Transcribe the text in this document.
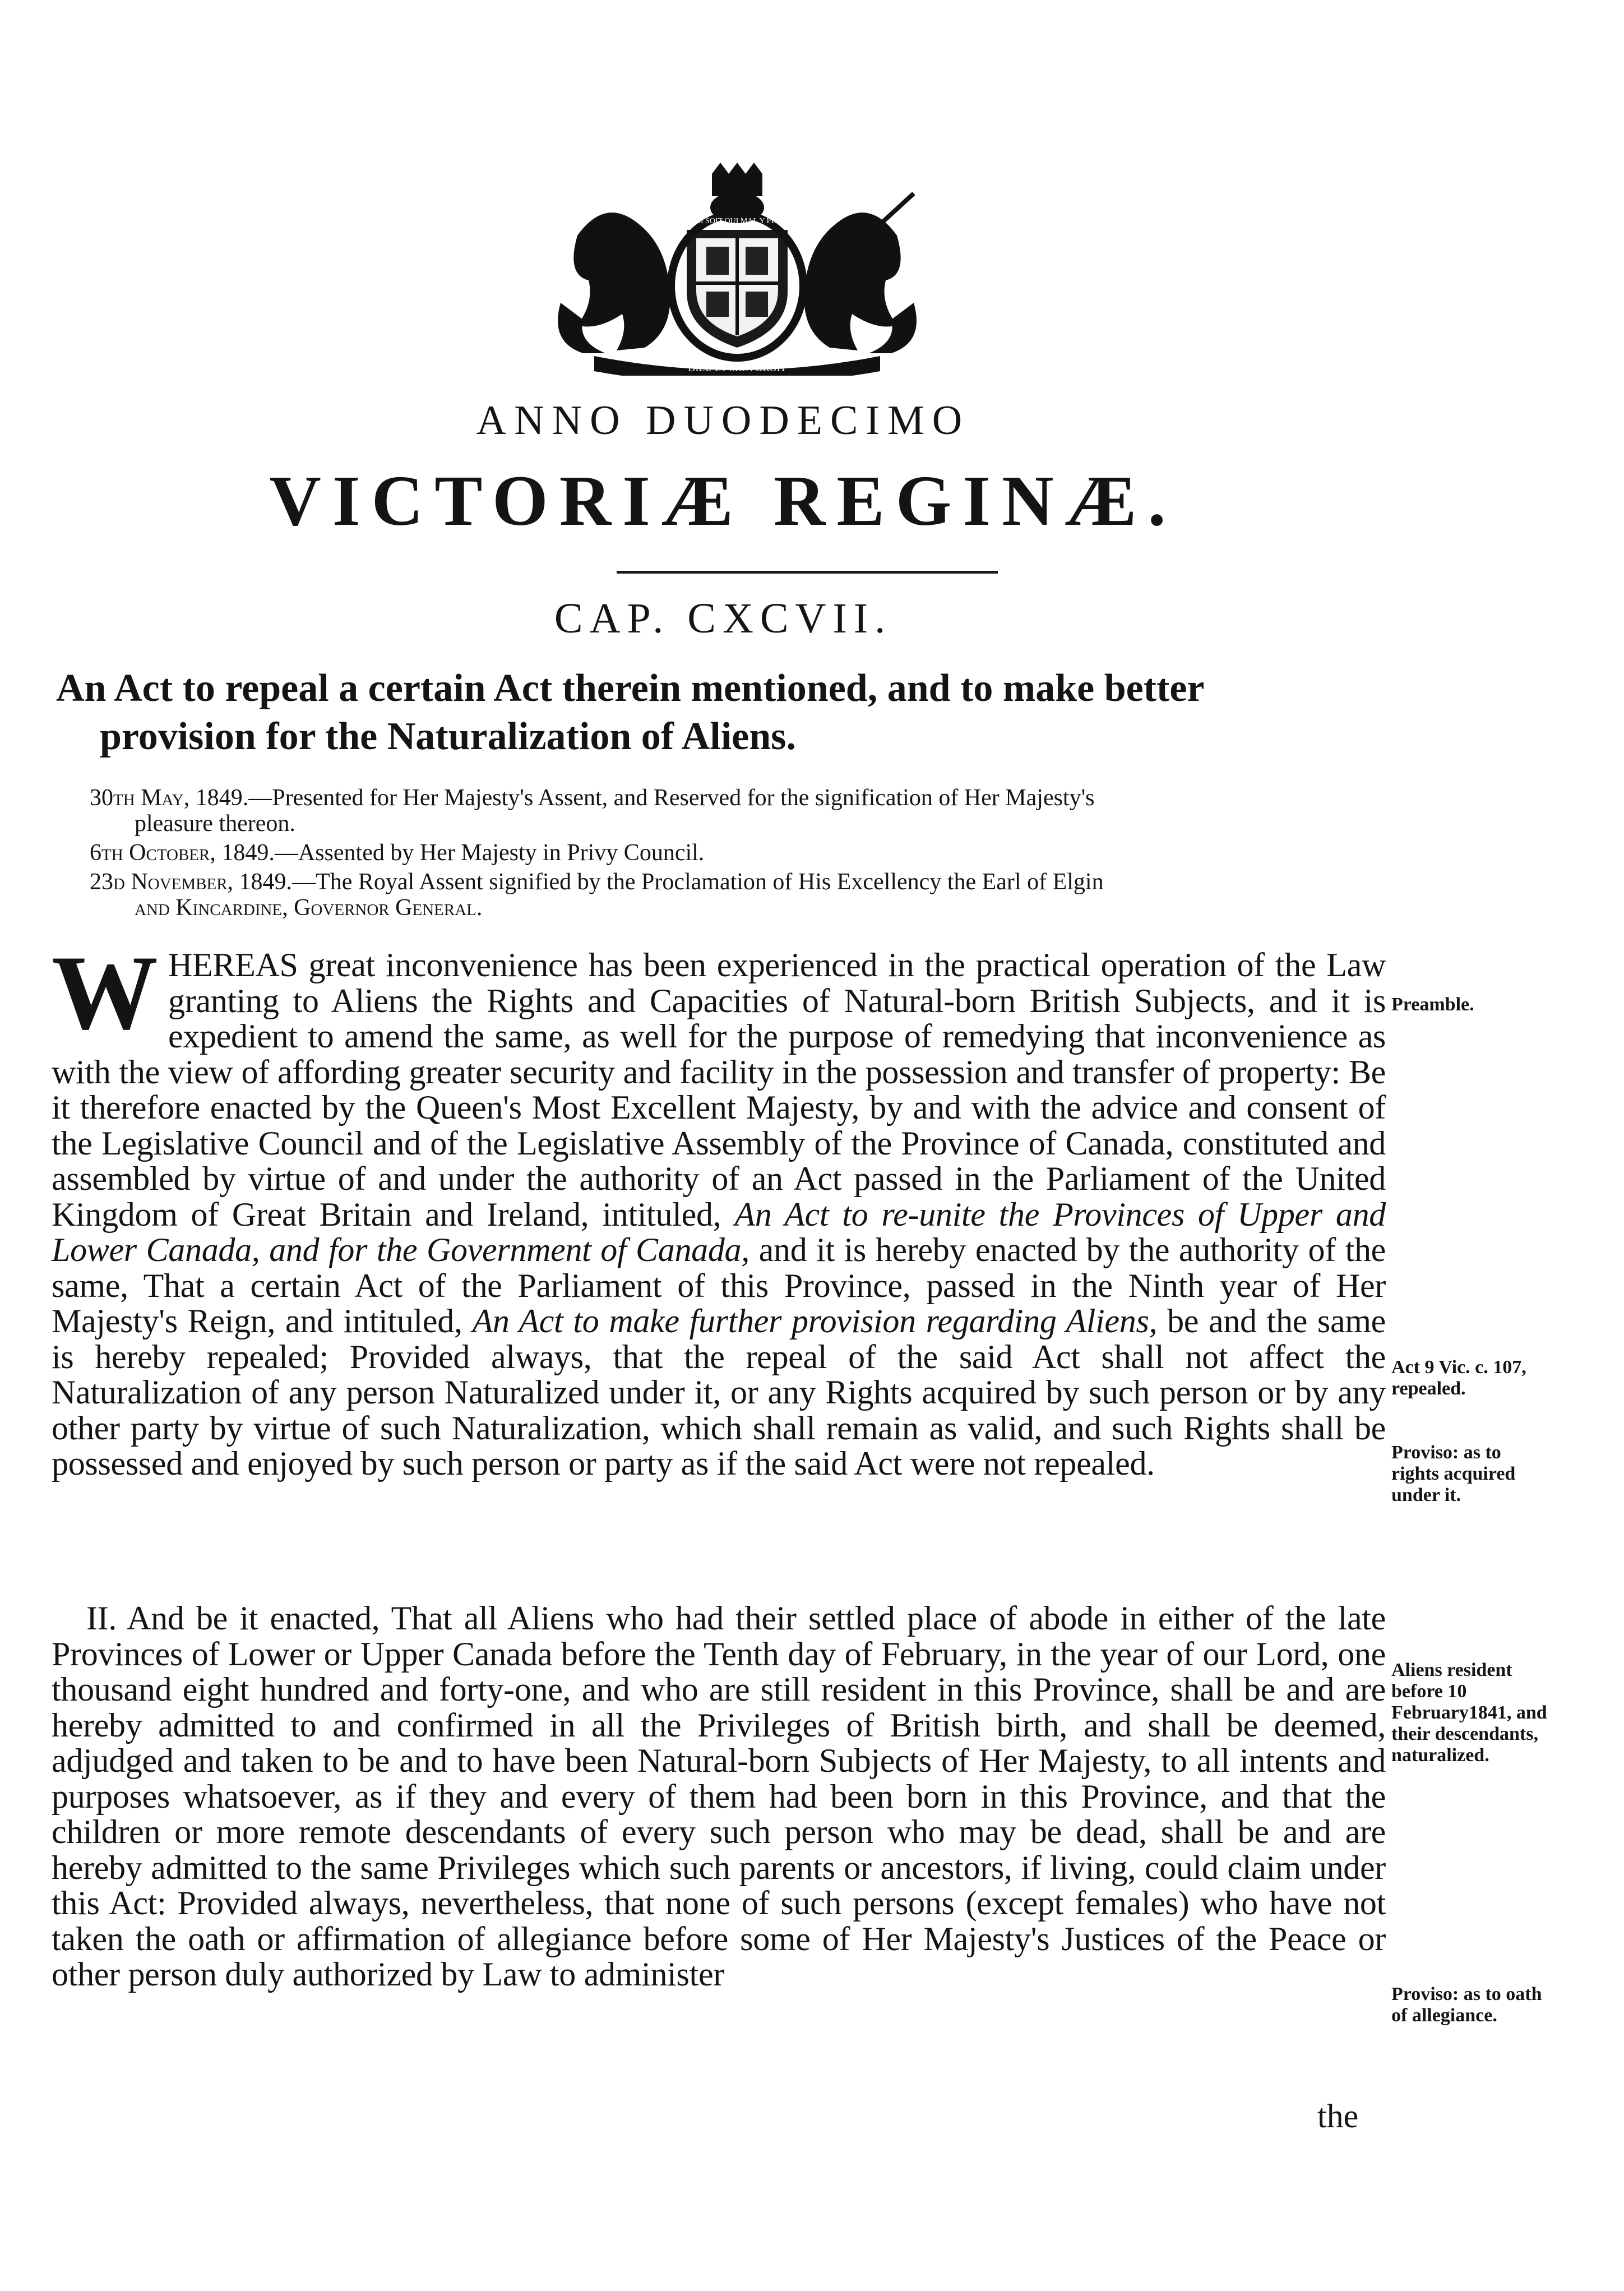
HONI SOIT QUI MAL Y PENSE
DIEU ET MON DROIT
ANNO DUODECIMO
VICTORIÆ REGINÆ.
CAP. CXCVII.
An Act to repeal a certain Act therein mentioned, and to make better
provision for the Naturalization of Aliens.
30th May, 1849.—Presented for Her Majesty's Assent, and Reserved for the signification of Her Majesty's
pleasure thereon.
6th October, 1849.—Assented by Her Majesty in Privy Council.
23d November, 1849.—The Royal Assent signified by the Proclamation of His Excellency the Earl of Elgin
and Kincardine, Governor General.
WHEREAS great inconvenience has been experienced in the practical operation of the Law granting to Aliens the Rights and Capacities of Natural-born British Subjects, and it is expedient to amend the same, as well for the purpose of remedying that inconvenience as with the view of affording greater security and facility in the possession and transfer of property: Be it therefore enacted by the Queen's Most Excellent Majesty, by and with the advice and consent of the Legislative Council and of the Legislative Assembly of the Province of Canada, constituted and assembled by virtue of and under the authority of an Act passed in the Parliament of the United Kingdom of Great Britain and Ireland, intituled, An Act to re-unite the Provinces of Upper and Lower Canada, and for the Government of Canada, and it is hereby enacted by the authority of the same, That a certain Act of the Parliament of this Province, passed in the Ninth year of Her Majesty's Reign, and intituled, An Act to make further provision regarding Aliens, be and the same is hereby repealed; Provided always, that the repeal of the said Act shall not affect the Naturalization of any person Naturalized under it, or any Rights acquired by such person or by any other party by virtue of such Naturalization, which shall remain as valid, and such Rights shall be possessed and enjoyed by such person or party as if the said Act were not repealed.
II. And be it enacted, That all Aliens who had their settled place of abode in either of the late Provinces of Lower or Upper Canada before the Tenth day of February, in the year of our Lord, one thousand eight hundred and forty-one, and who are still resident in this Province, shall be and are hereby admitted to and confirmed in all the Privileges of British birth, and shall be deemed, adjudged and taken to be and to have been Natural-born Subjects of Her Majesty, to all intents and purposes whatsoever, as if they and every of them had been born in this Province, and that the children or more remote descendants of every such person who may be dead, shall be and are hereby admitted to the same Privileges which such parents or ancestors, if living, could claim under this Act: Provided always, nevertheless, that none of such persons (except females) who have not taken the oath or affirmation of allegiance before some of Her Majesty's Justices of the Peace or other person duly authorized by Law to administer
the
Preamble.
Act 9 Vic. c. 107, repealed.
Proviso: as to rights acquired under it.
Aliens resident before 10 February1841, and their descendants, naturalized.
Proviso: as to oath of allegiance.
